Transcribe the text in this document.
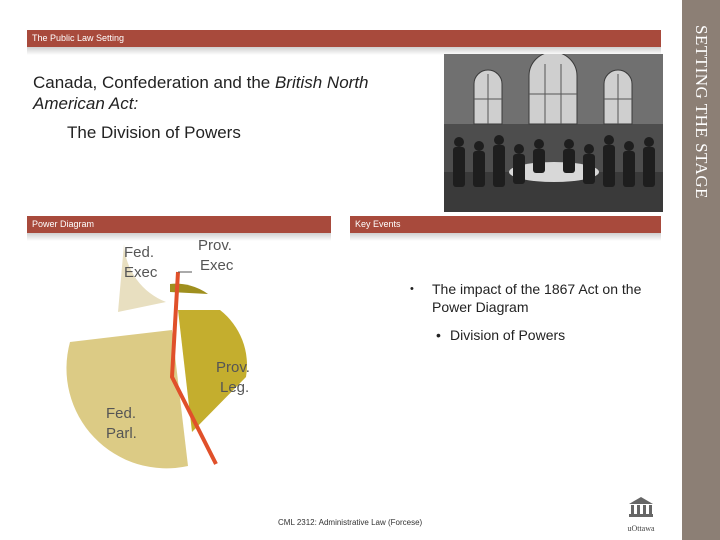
SETTING THE STAGE
The Public Law Setting
Canada, Confederation and the British North American Act:
The Division of Powers
Power Diagram	Key Events
Fed.
Exec
Prov.
Exec
Prov.
Leg.
Fed.
Parl.
• The impact of the 1867 Act on the Power Diagram
• Division of Powers
CML 2312: Administrative Law (Forcese)
uOttawa
